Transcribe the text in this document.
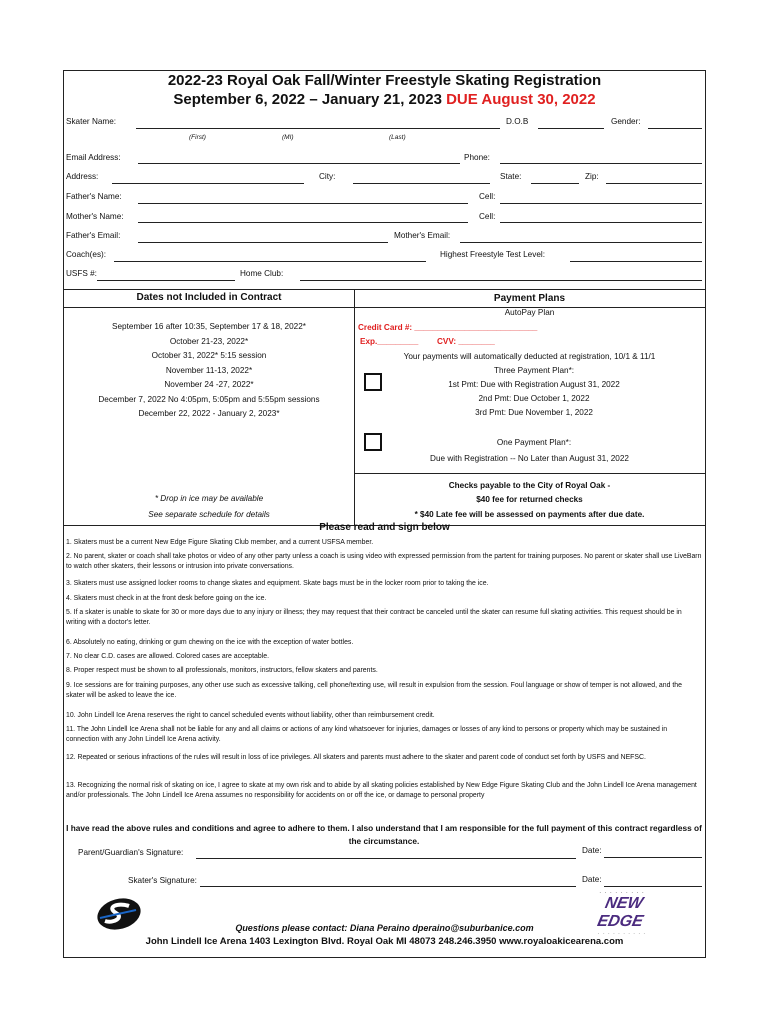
2022-23 Royal Oak Fall/Winter Freestyle Skating Registration
September 6, 2022 – January 21, 2023 DUE August 30, 2022
Skater Name:	D.O.B	Gender:
(First)	(MI)	(Last)
Email Address:	Phone:
Address:	City:	State:	Zip:
Father's Name:	Cell:
Mother's Name:	Cell:
Father's Email:	Mother's Email:
Coach(es):	Highest Freestyle Test Level:
USFS #:	Home Club:
Dates not Included in Contract
September 16 after 10:35, September 17 & 18, 2022*
October 21-23, 2022*
October 31, 2022* 5:15 session
November 11-13, 2022*
November 24 -27, 2022*
December 7, 2022 No 4:05pm, 5:05pm and 5:55pm sessions
December 22, 2022 - January 2, 2023*
* Drop in ice may be available
See separate schedule for details
Payment Plans
AutoPay Plan
Credit Card #: ___________________________
Exp._________ CVV: ________
Your payments will automatically deducted at registration, 10/1 & 11/1
Three Payment Plan*:
1st Pmt: Due with Registration August 31, 2022
2nd Pmt: Due October 1, 2022
3rd Pmt: Due November 1, 2022
One Payment Plan*:
Due with Registration -- No Later than August 31, 2022
Checks payable to the City of Royal Oak -
$40 fee for returned checks
* $40 Late fee will be assessed on payments after due date.
Please read and sign below
1. Skaters must be a current New Edge Figure Skating Club member, and a current USFSA member.
2. No parent, skater or coach shall take photos or video of any other party unless a coach is using video with expressed permission from the partent for training purposes. No parent or skater shall use LiveBarn to watch other skaters, their lessons or intrusion into private conversations.
3. Skaters must use assigned locker rooms to change skates and equipment. Skate bags must be in the locker room prior to taking the ice.
4. Skaters must check in at the front desk before going on the ice.
5. If a skater is unable to skate for 30 or more days due to any injury or illness; they may request that their contract be canceled until the skater can resume full skating activities. This request should be in writing with a doctor's letter.
6. Absolutely no eating, drinking or gum chewing on the ice with the exception of water bottles.
7. No clear C.D. cases are allowed. Colored cases are acceptable.
8. Proper respect must be shown to all professionals, monitors, instructors, fellow skaters and parents.
9. Ice sessions are for training purposes, any other use such as excessive talking, cell phone/texting use, will result in expulsion from the session. Foul language or show of temper is not allowed, and the skater will be asked to leave the ice.
10. John Lindell Ice Arena reserves the right to cancel scheduled events without liability, other than reimbursement credit.
11. The John Lindell Ice Arena shall not be liable for any and all claims or actions of any kind whatsoever for injuries, damages or losses of any kind to persons or property which may be sustained in connection with any John Lindell Ice Arena activity.
12. Repeated or serious infractions of the rules will result in loss of ice privileges. All skaters and parents must adhere to the skater and parent code of conduct set forth by USFS and NEFSC.
13. Recognizing the normal risk of skating on ice, I agree to skate at my own risk and to abide by all skating policies established by New Edge Figure Skating Club and the John Lindell Ice Arena management and/or professionals. The John Lindell Ice Arena assumes no responsibility for accidents on or off the ice, or damage to personal property
I have read the above rules and conditions and agree to adhere to them. I also understand that I am responsible for the full payment of this contract regardless of the circumstance.
Parent/Guardian's Signature:	Date:
Skater's Signature:	Date:
. . . . . . . . .
NEW EDGE
· · · · · · · · · ·
Questions please contact: Diana Peraino dperaino@suburbanice.com
John Lindell Ice Arena 1403 Lexington Blvd. Royal Oak MI 48073 248.246.3950 www.royaloakicearena.com
